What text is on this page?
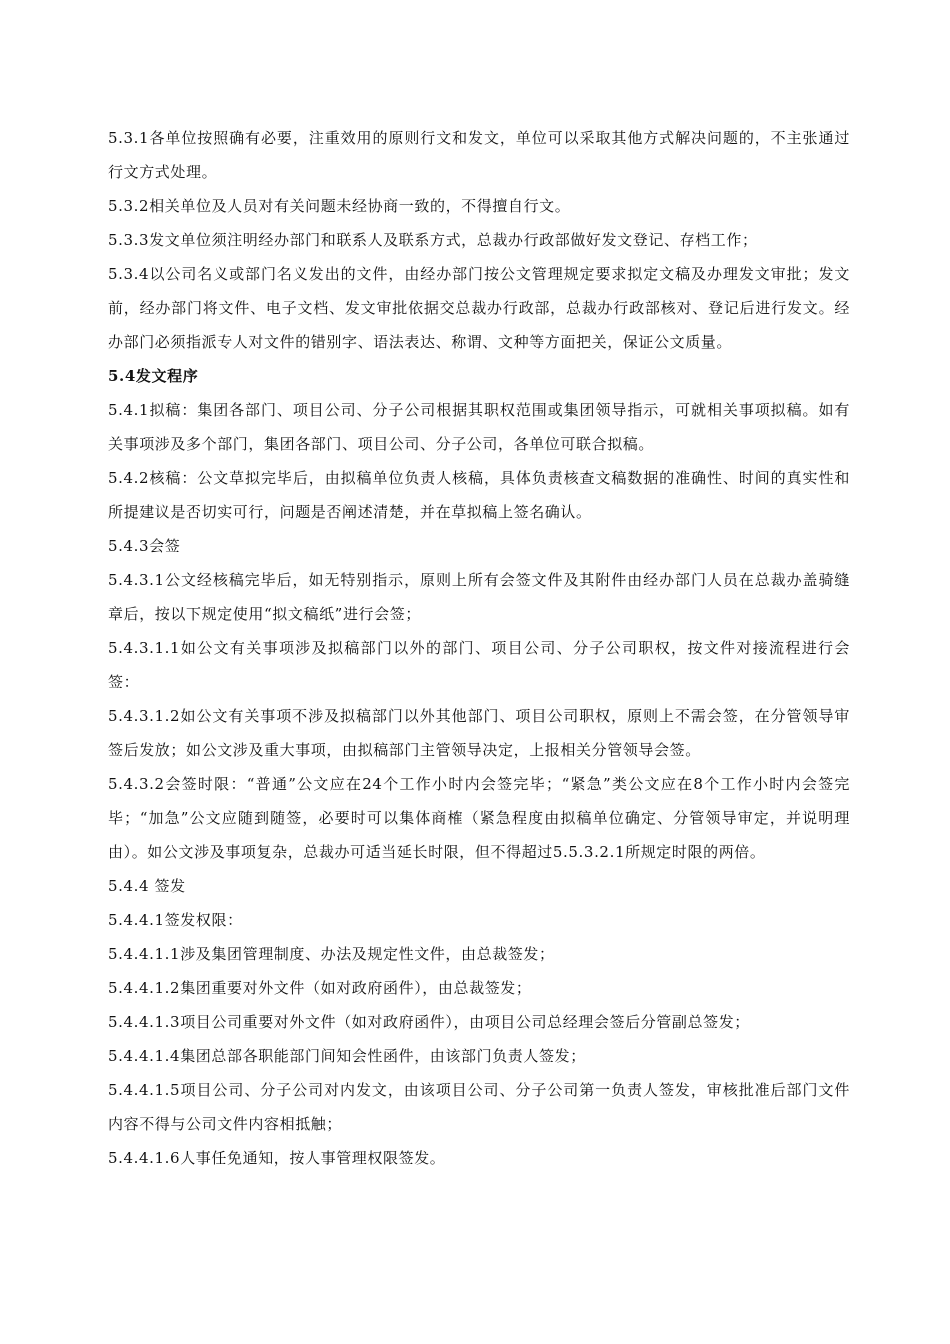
5.3.1各单位按照确有必要，注重效用的原则行文和发文，单位可以采取其他方式解决问题的，不主张通过行文方式处理。

5.3.2相关单位及人员对有关问题未经协商一致的，不得擅自行文。

5.3.3发文单位须注明经办部门和联系人及联系方式，总裁办行政部做好发文登记、存档工作；

5.3.4以公司名义或部门名义发出的文件，由经办部门按公文管理规定要求拟定文稿及办理发文审批；发文前，经办部门将文件、电子文档、发文审批依据交总裁办行政部，总裁办行政部核对、登记后进行发文。经办部门必须指派专人对文件的错别字、语法表达、称谓、文种等方面把关，保证公文质量。

5.4发文程序

5.4.1拟稿：集团各部门、项目公司、分子公司根据其职权范围或集团领导指示，可就相关事项拟稿。如有关事项涉及多个部门，集团各部门、项目公司、分子公司，各单位可联合拟稿。

5.4.2核稿：公文草拟完毕后，由拟稿单位负责人核稿，具体负责核查文稿数据的准确性、时间的真实性和所提建议是否切实可行，问题是否阐述清楚，并在草拟稿上签名确认。

5.4.3会签

5.4.3.1公文经核稿完毕后，如无特别指示，原则上所有会签文件及其附件由经办部门人员在总裁办盖骑缝章后，按以下规定使用“拟文稿纸”进行会签；

5.4.3.1.1如公文有关事项涉及拟稿部门以外的部门、项目公司、分子公司职权，按文件对接流程进行会签：

5.4.3.1.2如公文有关事项不涉及拟稿部门以外其他部门、项目公司职权，原则上不需会签，在分管领导审签后发放；如公文涉及重大事项，由拟稿部门主管领导决定，上报相关分管领导会签。

5.4.3.2会签时限：“普通”公文应在24个工作小时内会签完毕；“紧急”类公文应在8个工作小时内会签完毕；“加急”公文应随到随签，必要时可以集体商榷（紧急程度由拟稿单位确定、分管领导审定，并说明理由）。如公文涉及事项复杂，总裁办可适当延长时限，但不得超过5.5.3.2.1所规定时限的两倍。

5.4.4 签发

5.4.4.1签发权限：

5.4.4.1.1涉及集团管理制度、办法及规定性文件，由总裁签发；

5.4.4.1.2集团重要对外文件（如对政府函件），由总裁签发；

5.4.4.1.3项目公司重要对外文件（如对政府函件），由项目公司总经理会签后分管副总签发；

5.4.4.1.4集团总部各职能部门间知会性函件，由该部门负责人签发；

5.4.4.1.5项目公司、分子公司对内发文，由该项目公司、分子公司第一负责人签发，审核批准后部门文件内容不得与公司文件内容相抵触；

5.4.4.1.6人事任免通知，按人事管理权限签发。
